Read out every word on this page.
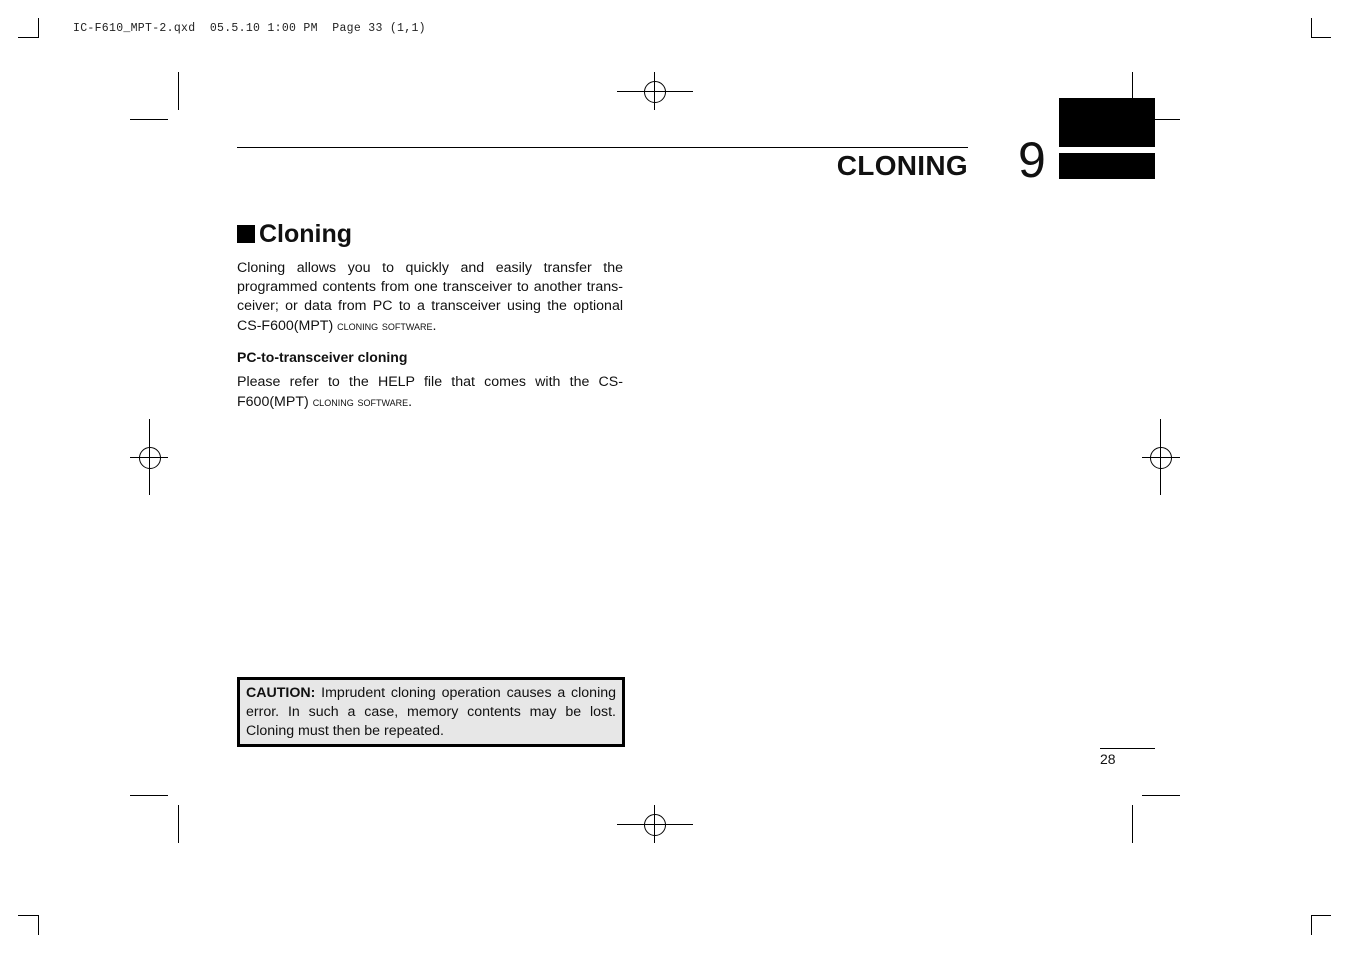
IC-F610_MPT-2.qxd  05.5.10 1:00 PM  Page 33 (1,1)
CLONING 9
Cloning
Cloning allows you to quickly and easily transfer the programmed contents from one transceiver to another trans-ceiver; or data from PC to a transceiver using the optional CS-F600(MPT) cloning software.
PC-to-transceiver cloning
Please refer to the HELP file that comes with the CS-F600(MPT) cloning software.
CAUTION: Imprudent cloning operation causes a cloning error. In such a case, memory contents may be lost. Cloning must then be repeated.
28
